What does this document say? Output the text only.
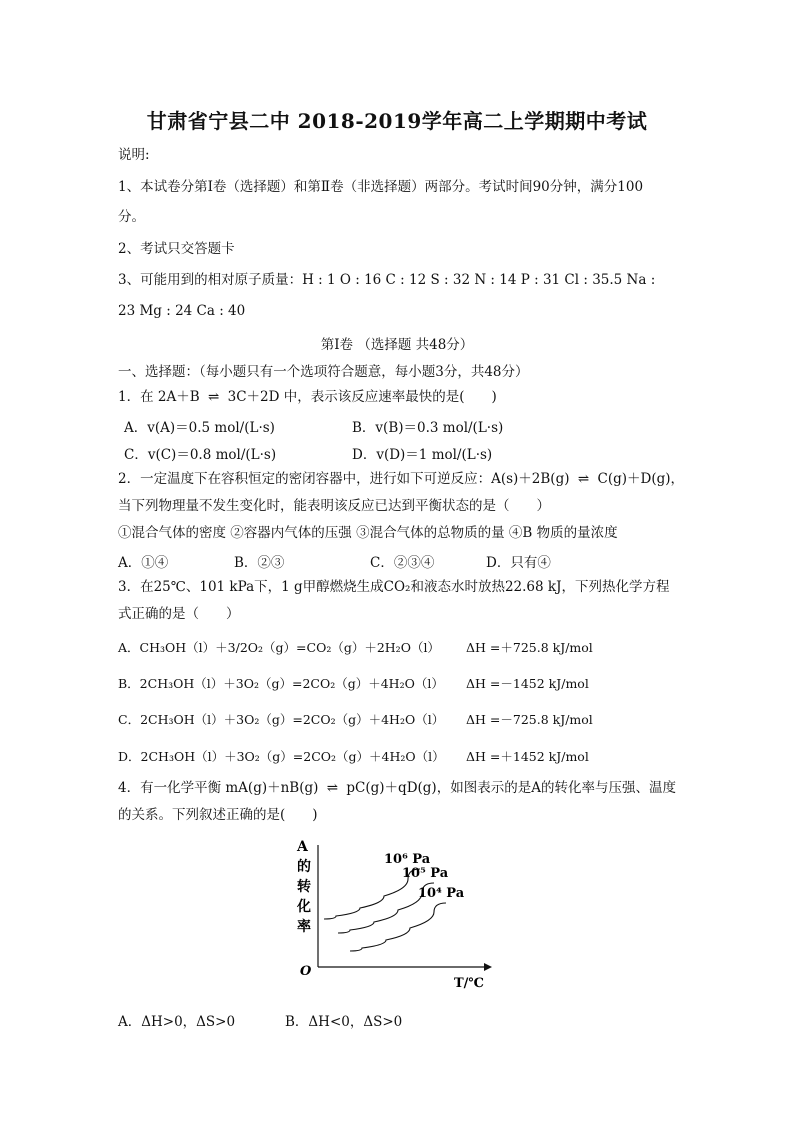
甘肃省宁县二中 2018-2019学年高二上学期期中考试
说明:
1、本试卷分第Ⅰ卷（选择题）和第Ⅱ卷（非选择题）两部分。考试时间90分钟，满分100
分。
2、考试只交答题卡
3、可能用到的相对原子质量：H : 1 O : 16 C : 12 S : 32 N : 14 P : 31 Cl : 35.5 Na :
23 Mg : 24 Ca : 40
第Ⅰ卷 （选择题 共48分）
一、选择题：（每小题只有一个选项符合题意，每小题3分，共48分）
1．在 2A＋B ⇌ 3C＋2D 中，表示该反应速率最快的是(　　)
A．v(A)＝0.5 mol/(L·s)	B．v(B)＝0.3 mol/(L·s)
C．v(C)＝0.8 mol/(L·s)	D．v(D)＝1 mol/(L·s)
2．一定温度下在容积恒定的密闭容器中，进行如下可逆反应：A(s)＋2B(g) ⇌ C(g)＋D(g)，
当下列物理量不发生变化时，能表明该反应已达到平衡状态的是（　　）
①混合气体的密度 ②容器内气体的压强 ③混合气体的总物质的量 ④B 物质的量浓度
A．①④	B．②③	C．②③④	D．只有④
3．在25℃、101 kPa下，1 g甲醇燃烧生成CO₂和液态水时放热22.68 kJ，下列热化学方程
式正确的是（　　）
A．CH₃OH（l）＋3/2O₂（g）=CO₂（g）＋2H₂O（l） ΔH =＋725.8 kJ/mol
B．2CH₃OH（l）＋3O₂（g）=2CO₂（g）＋4H₂O（l） ΔH =－1452 kJ/mol
C．2CH₃OH（l）＋3O₂（g）=2CO₂（g）＋4H₂O（l） ΔH =－725.8 kJ/mol
D．2CH₃OH（l）＋3O₂（g）=2CO₂（g）＋4H₂O（l） ΔH =＋1452 kJ/mol
4．有一化学平衡 mA(g)＋nB(g) ⇌ pC(g)＋qD(g)，如图表示的是A的转化率与压强、温度
的关系。下列叙述正确的是(　　)
O
T/℃
A
的
转
化
率
10⁶ Pa
10⁵ Pa
10⁴ Pa
A．ΔH>0，ΔS>0	B．ΔH<0，ΔS>0
